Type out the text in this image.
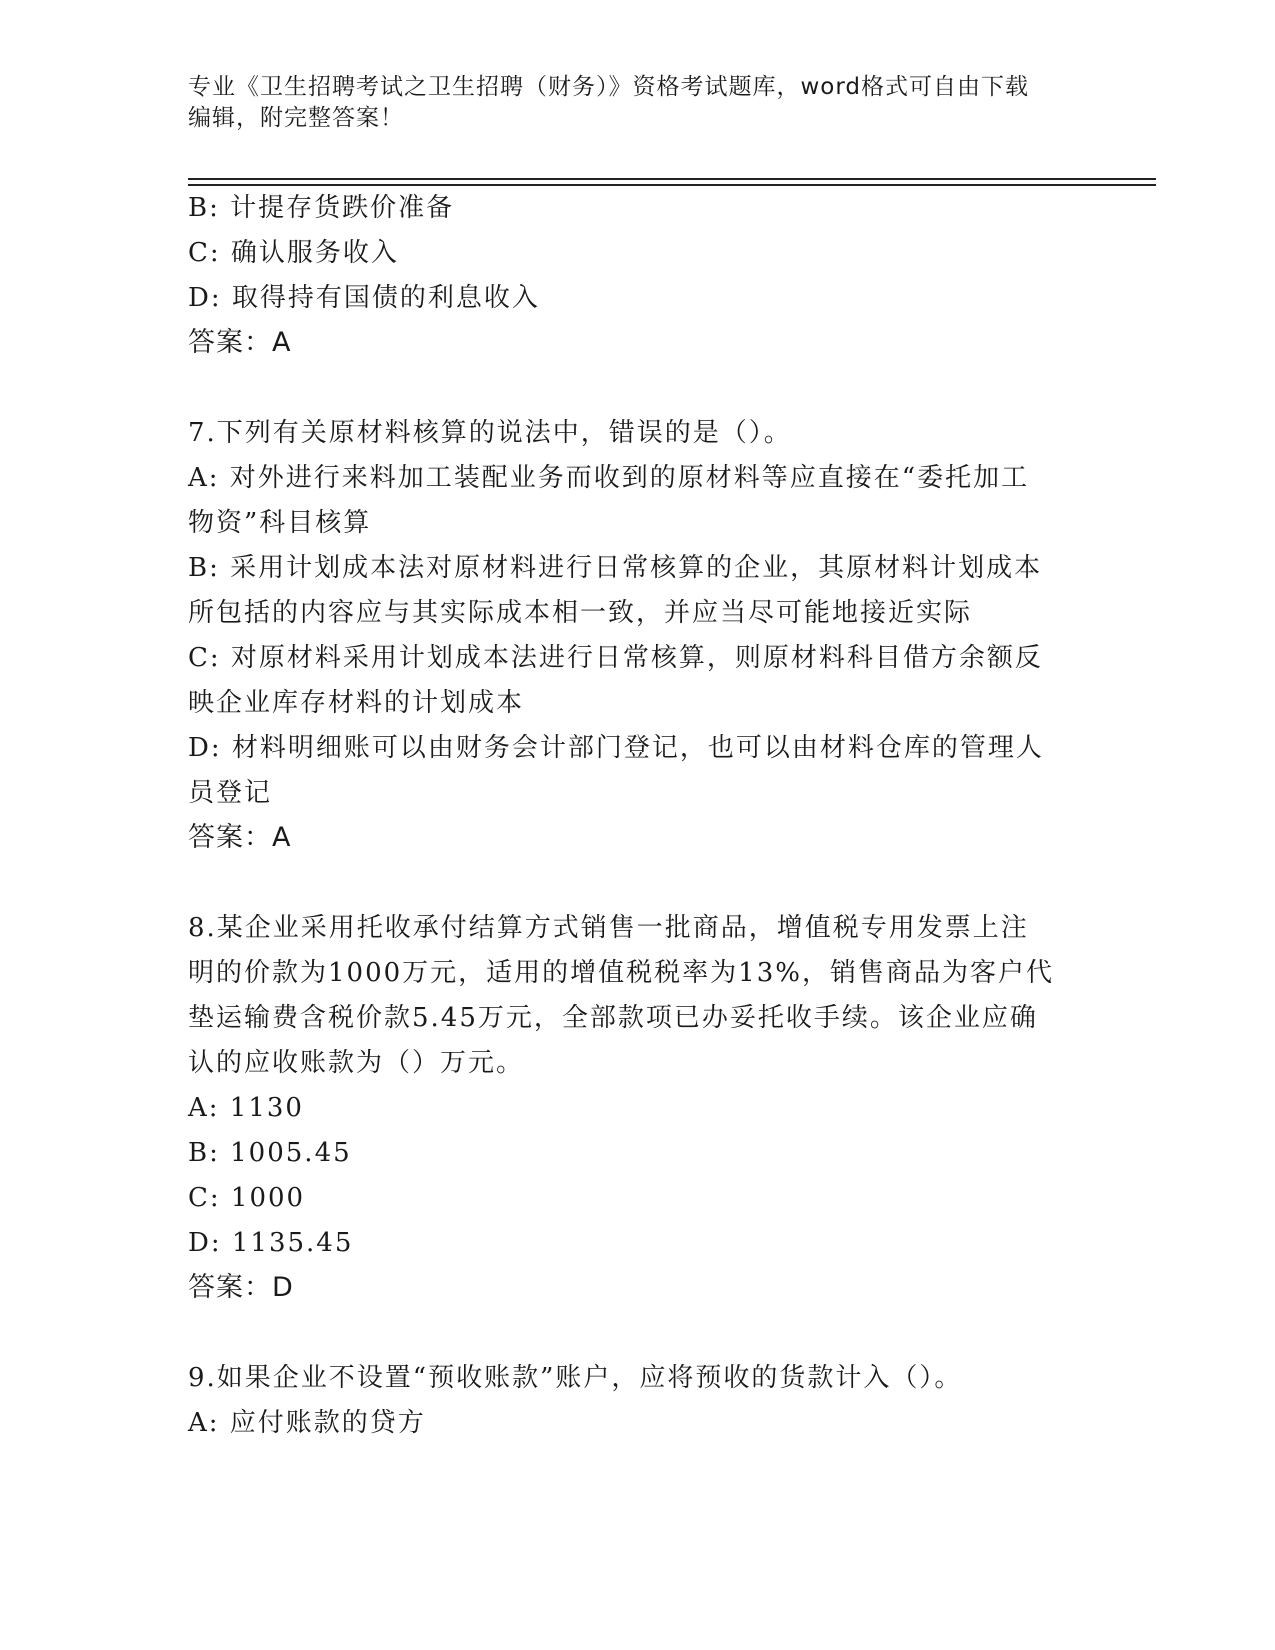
专业《卫生招聘考试之卫生招聘（财务）》资格考试题库，word格式可自由下载
编辑，附完整答案！
B: 计提存货跌价准备
C: 确认服务收入
D: 取得持有国债的利息收入
答案：A
7.下列有关原材料核算的说法中，错误的是（）。
A: 对外进行来料加工装配业务而收到的原材料等应直接在“委托加工
物资”科目核算
B: 采用计划成本法对原材料进行日常核算的企业，其原材料计划成本
所包括的内容应与其实际成本相一致，并应当尽可能地接近实际
C: 对原材料采用计划成本法进行日常核算，则原材料科目借方余额反
映企业库存材料的计划成本
D: 材料明细账可以由财务会计部门登记，也可以由材料仓库的管理人
员登记
答案：A
8.某企业采用托收承付结算方式销售一批商品，增值税专用发票上注
明的价款为1000万元，适用的增值税税率为13%，销售商品为客户代
垫运输费含税价款5.45万元，全部款项已办妥托收手续。该企业应确
认的应收账款为（）万元。
A: 1130
B: 1005.45
C: 1000
D: 1135.45
答案：D
9.如果企业不设置“预收账款”账户，应将预收的货款计入（）。
A: 应付账款的贷方
